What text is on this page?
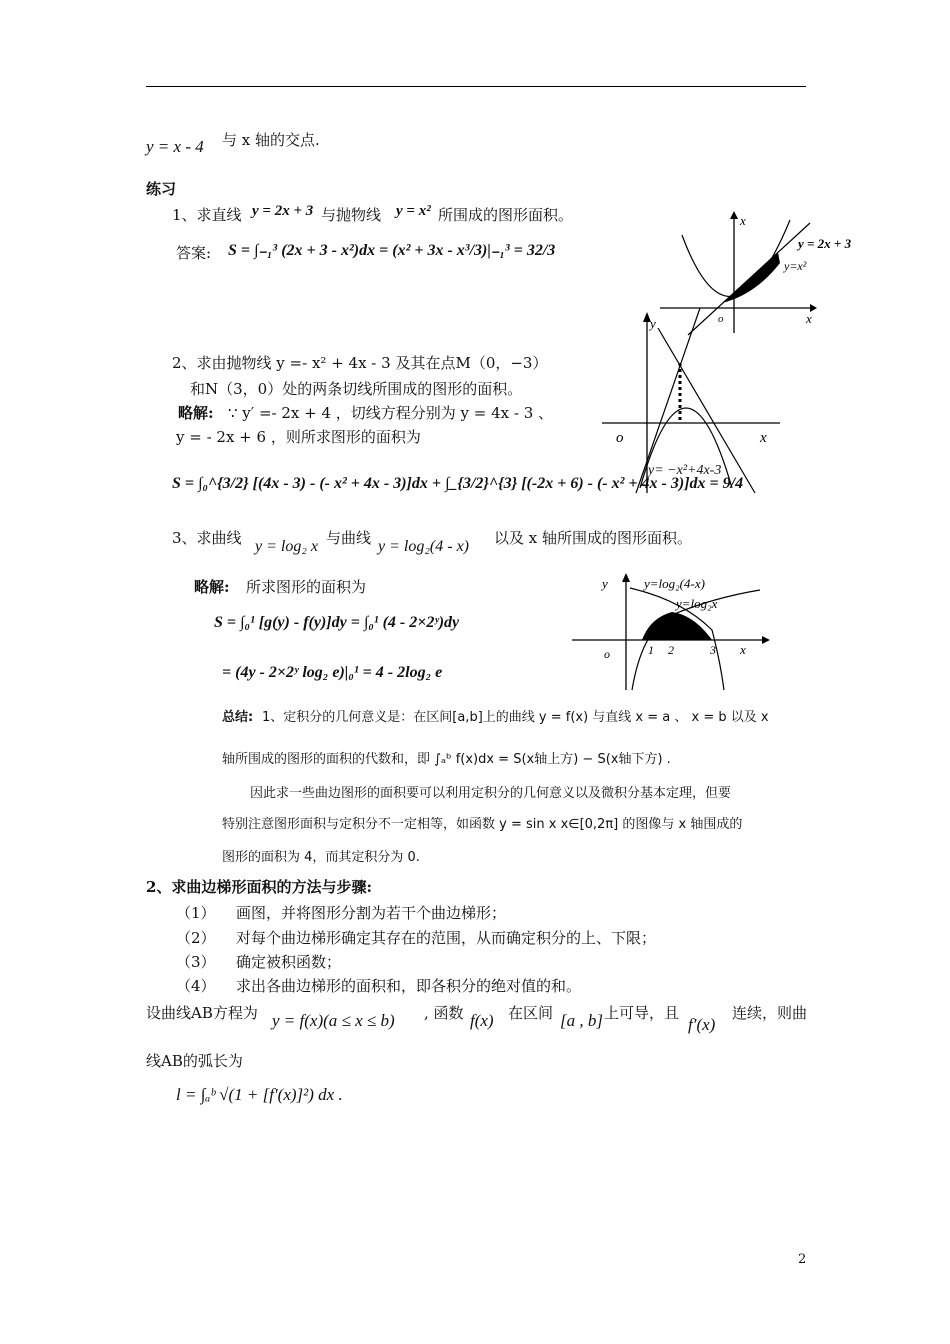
y = x - 4 与 x 轴的交点.
练习
1、求直线 y = 2x + 3 与抛物线 y = x² 所围成的图形面积。
答案: S = ∫₋₁³ (2x + 3 - x²)dx = (x² + 3x - x³/3)|₋₁³ = 32/3
x
x
o
y = 2x + 3
y=x²
2、求由抛物线 y =- x² + 4x - 3 及其在点M（0，−3）
和N（3，0）处的两条切线所围成的图形的面积。
略解: ∵ y′ =- 2x + 4 ，切线方程分别为 y = 4x - 3 、
y = - 2x + 6 ，则所求图形的面积为
S = ∫₀^{3/2} [(4x - 3) - (- x² + 4x - 3)]dx + ∫_{3/2}^{3} [(-2x + 6) - (- x² + 4x - 3)]dx = 9/4
y
x
o
y= −x²+4x-3
3、求曲线 y = log₂ x 与曲线 y = log₂(4 - x) 以及 x 轴所围成的图形面积。
略解: 所求图形的面积为
S = ∫₀¹ [g(y) - f(y)]dy = ∫₀¹ (4 - 2×2ʸ)dy
= (4y - 2×2ʸ log₂ e)|₀¹ = 4 - 2log₂ e
y
x
o	1 2	3
y=log₂(4-x)
y=log₂x
总结: 1、定积分的几何意义是：在区间[a,b]上的曲线 y = f(x) 与直线 x = a 、 x = b 以及 x
轴所围成的图形的面积的代数和，即 ∫ₐᵇ f(x)dx = S(x轴上方) − S(x轴下方) .
因此求一些曲边图形的面积要可以利用定积分的几何意义以及微积分基本定理，但要
特别注意图形面积与定积分不一定相等，如函数 y = sin x x∈[0,2π] 的图像与 x 轴围成的
图形的面积为 4，而其定积分为 0.
2、求曲边梯形面积的方法与步骤:
（1） 画图，并将图形分割为若干个曲边梯形；
（2） 对每个曲边梯形确定其存在的范围，从而确定积分的上、下限；
（3） 确定被积函数；
（4） 求出各曲边梯形的面积和，即各积分的绝对值的和。
设曲线AB方程为 y = f(x)(a ≤ x ≤ b) , 函数 f(x) 在区间 [a , b] 上可导，且
f′(x)
连续，则曲
线AB的弧长为
l = ∫ₐᵇ √(1 + [f′(x)]²) dx .
2
